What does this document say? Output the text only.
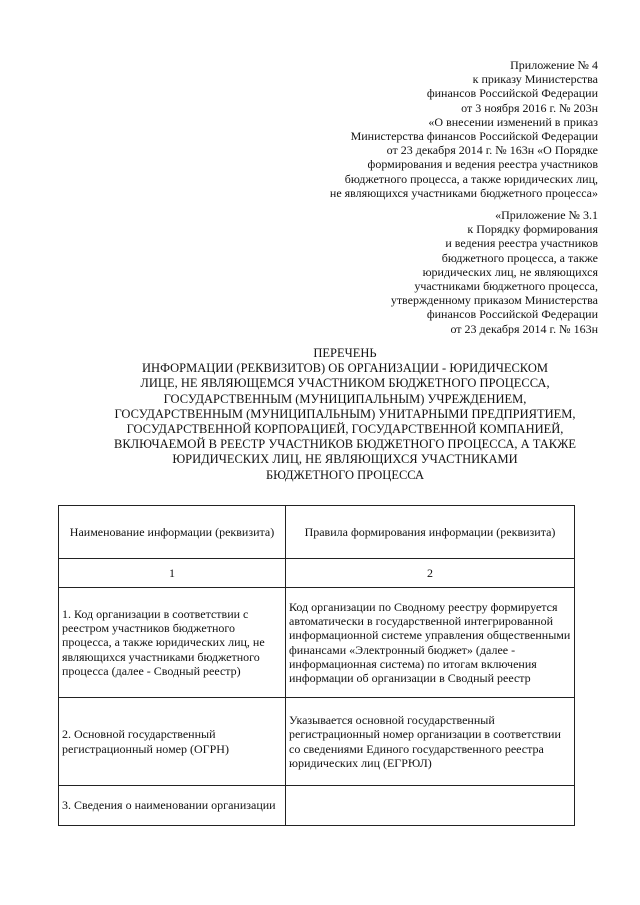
Приложение № 4
к приказу Министерства
финансов Российской Федерации
от 3 ноября 2016 г. № 203н
«О внесении изменений в приказ
Министерства финансов Российской Федерации
от 23 декабря 2014 г. № 163н «О Порядке
формирования и ведения реестра участников
бюджетного процесса, а также юридических лиц,
не являющихся участниками бюджетного процесса»
«Приложение № 3.1
к Порядку формирования
и ведения реестра участников
бюджетного процесса, а также
юридических лиц, не являющихся
участниками бюджетного процесса,
утвержденному приказом Министерства
финансов Российской Федерации
от 23 декабря 2014 г. № 163н
ПЕРЕЧЕНЬ
ИНФОРМАЦИИ (РЕКВИЗИТОВ) ОБ ОРГАНИЗАЦИИ - ЮРИДИЧЕСКОМ
ЛИЦЕ, НЕ ЯВЛЯЮЩЕМСЯ УЧАСТНИКОМ БЮДЖЕТНОГО ПРОЦЕССА,
ГОСУДАРСТВЕННЫМ (МУНИЦИПАЛЬНЫМ) УЧРЕЖДЕНИЕМ,
ГОСУДАРСТВЕННЫМ (МУНИЦИПАЛЬНЫМ) УНИТАРНЫМИ ПРЕДПРИЯТИЕМ,
ГОСУДАРСТВЕННОЙ КОРПОРАЦИЕЙ, ГОСУДАРСТВЕННОЙ КОМПАНИЕЙ,
ВКЛЮЧАЕМОЙ В РЕЕСТР УЧАСТНИКОВ БЮДЖЕТНОГО ПРОЦЕССА, А ТАКЖЕ
ЮРИДИЧЕСКИХ ЛИЦ, НЕ ЯВЛЯЮЩИХСЯ УЧАСТНИКАМИ
БЮДЖЕТНОГО ПРОЦЕССА
Наименование информации (реквизита)	Правила формирования информации (реквизита)
1	2
1. Код организации в соответствии с реестром участников бюджетного процесса, а также юридических лиц, не являющихся участниками бюджетного процесса (далее - Сводный реестр)	Код организации по Сводному реестру формируется автоматически в государственной интегрированной информационной системе управления общественными финансами «Электронный бюджет» (далее - информационная система) по итогам включения информации об организации в Сводный реестр
2. Основной государственный регистрационный номер (ОГРН)	Указывается основной государственный регистрационный номер организации в соответствии со сведениями Единого государственного реестра юридических лиц (ЕГРЮЛ)
3. Сведения о наименовании организации	
